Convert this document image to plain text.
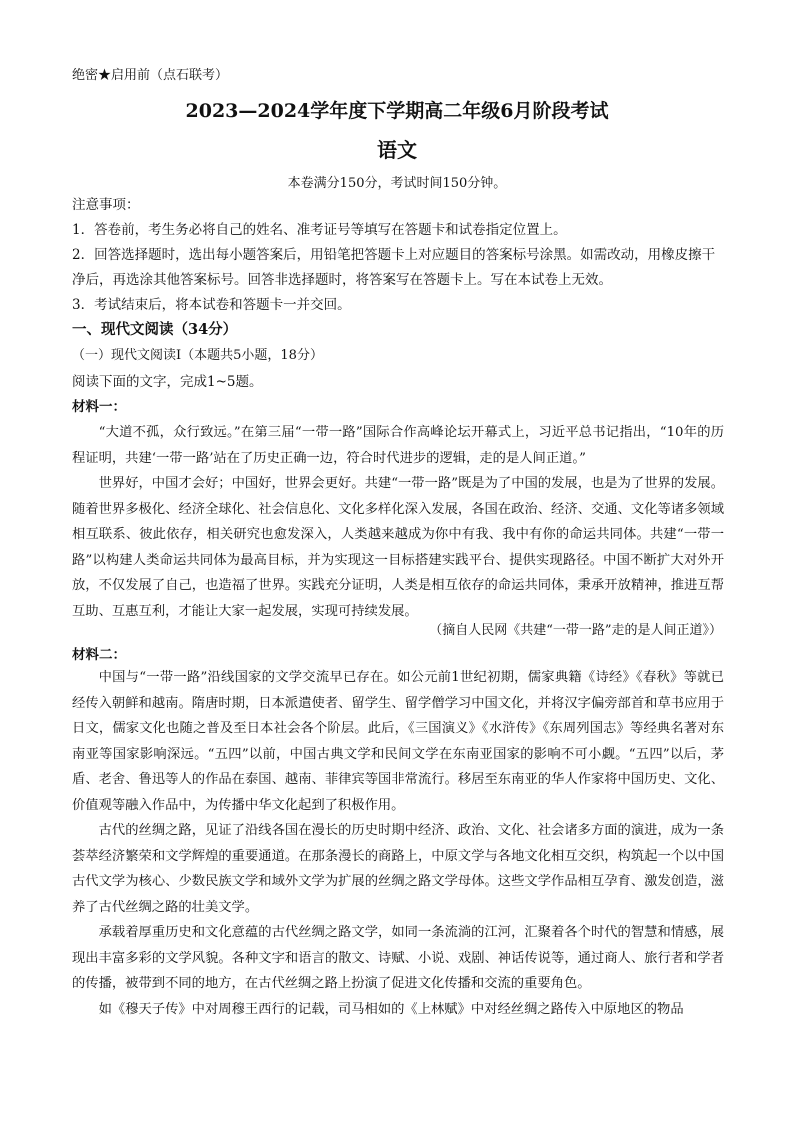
绝密★启用前（点石联考）
2023—2024学年度下学期高二年级6月阶段考试
语文
本卷满分150分，考试时间150分钟。
注意事项：

1．答卷前，考生务必将自己的姓名、准考证号等填写在答题卡和试卷指定位置上。

2．回答选择题时，选出每小题答案后，用铅笔把答题卡上对应题目的答案标号涂黑。如需改动，用橡皮擦干净后，再选涂其他答案标号。回答非选择题时，将答案写在答题卡上。写在本试卷上无效。

3．考试结束后，将本试卷和答题卡一并交回。

一、现代文阅读（34分）
（一）现代文阅读Ⅰ（本题共5小题，18分）
阅读下面的文字，完成1~5题。
材料一：

“大道不孤，众行致远。”在第三届“一带一路”国际合作高峰论坛开幕式上，习近平总书记指出，“10年的历程证明，共建‘一带一路’站在了历史正确一边，符合时代进步的逻辑，走的是人间正道。”

世界好，中国才会好；中国好，世界会更好。共建“一带一路”既是为了中国的发展，也是为了世界的发展。随着世界多极化、经济全球化、社会信息化、文化多样化深入发展，各国在政治、经济、交通、文化等诸多领域相互联系、彼此依存，相关研究也愈发深入，人类越来越成为你中有我、我中有你的命运共同体。共建“一带一路”以构建人类命运共同体为最高目标，并为实现这一目标搭建实践平台、提供实现路径。中国不断扩大对外开放，不仅发展了自己，也造福了世界。实践充分证明，人类是相互依存的命运共同体，秉承开放精神，推进互帮互助、互惠互利，才能让大家一起发展，实现可持续发展。

（摘自人民网《共建“一带一路”走的是人间正道》）
材料二：

中国与“一带一路”沿线国家的文学交流早已存在。如公元前1世纪初期，儒家典籍《诗经》《春秋》等就已经传入朝鲜和越南。隋唐时期，日本派遣使者、留学生、留学僧学习中国文化，并将汉字偏旁部首和草书应用于日文，儒家文化也随之普及至日本社会各个阶层。此后，《三国演义》《水浒传》《东周列国志》等经典名著对东南亚等国家影响深远。“五四”以前，中国古典文学和民间文学在东南亚国家的影响不可小觑。“五四”以后，茅盾、老舍、鲁迅等人的作品在泰国、越南、菲律宾等国非常流行。移居至东南亚的华人作家将中国历史、文化、价值观等融入作品中，为传播中华文化起到了积极作用。

古代的丝绸之路，见证了沿线各国在漫长的历史时期中经济、政治、文化、社会诸多方面的演进，成为一条荟萃经济繁荣和文学辉煌的重要通道。在那条漫长的商路上，中原文学与各地文化相互交织，构筑起一个以中国古代文学为核心、少数民族文学和域外文学为扩展的丝绸之路文学母体。这些文学作品相互孕育、激发创造，滋养了古代丝绸之路的壮美文学。

承载着厚重历史和文化意蕴的古代丝绸之路文学，如同一条流淌的江河，汇聚着各个时代的智慧和情感，展现出丰富多彩的文学风貌。各种文字和语言的散文、诗赋、小说、戏剧、神话传说等，通过商人、旅行者和学者的传播，被带到不同的地方，在古代丝绸之路上扮演了促进文化传播和交流的重要角色。

如《穆天子传》中对周穆王西行的记载，司马相如的《上林赋》中对经丝绸之路传入中原地区的物品
